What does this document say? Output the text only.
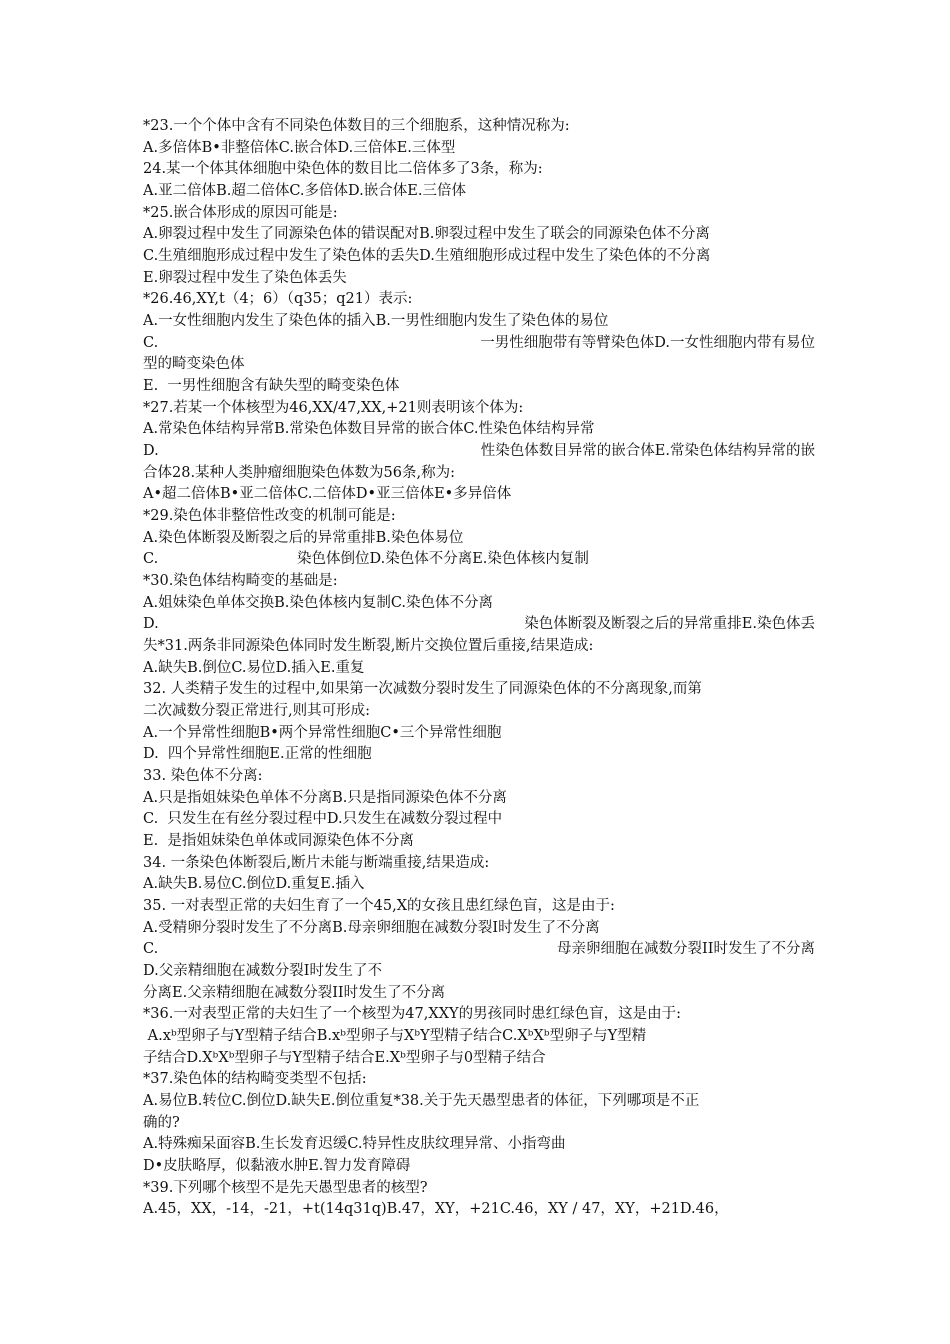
*23.一个个体中含有不同染色体数目的三个细胞系，这种情况称为:
A.多倍体B•非整倍体C.嵌合体D.三倍体E.三体型
24.某一个体其体细胞中染色体的数目比二倍体多了3条，称为:
A.亚二倍体B.超二倍体C.多倍体D.嵌合体E.三倍体
*25.嵌合体形成的原因可能是:
A.卵裂过程中发生了同源染色体的错误配对B.卵裂过程中发生了联会的同源染色体不分离
C.生殖细胞形成过程中发生了染色体的丢失D.生殖细胞形成过程中发生了染色体的不分离
E.卵裂过程中发生了染色体丢失
*26.46,XY,t（4；6）（q35；q21）表示:
A.一女性细胞内发生了染色体的插入B.一男性细胞内发生了染色体的易位
C.	一男性细胞带有等臂染色体D.一女性细胞内带有易位
型的畸变染色体
E.  一男性细胞含有缺失型的畸变染色体
*27.若某一个体核型为46,XX/47,XX,+21则表明该个体为:
A.常染色体结构异常B.常染色体数目异常的嵌合体C.性染色体结构异常
D.	性染色体数目异常的嵌合体E.常染色体结构异常的嵌
合体28.某种人类肿瘤细胞染色体数为56条,称为:
A•超二倍体B•亚二倍体C.二倍体D•亚三倍体E•多异倍体
*29.染色体非整倍性改变的机制可能是:
A.染色体断裂及断裂之后的异常重排B.染色体易位
C.	染色体倒位D.染色体不分离E.染色体核内复制
*30.染色体结构畸变的基础是:
A.姐妹染色单体交换B.染色体核内复制C.染色体不分离
D.	染色体断裂及断裂之后的异常重排E.染色体丢
失*31.两条非同源染色体同时发生断裂,断片交换位置后重接,结果造成:
A.缺失B.倒位C.易位D.插入E.重复
32. 人类精子发生的过程中,如果第一次减数分裂时发生了同源染色体的不分离现象,而第
二次减数分裂正常进行,则其可形成:
A.一个异常性细胞B•两个异常性细胞C•三个异常性细胞
D.  四个异常性细胞E.正常的性细胞
33. 染色体不分离:
A.只是指姐妹染色单体不分离B.只是指同源染色体不分离
C.  只发生在有丝分裂过程中D.只发生在减数分裂过程中
E.  是指姐妹染色单体或同源染色体不分离
34. 一条染色体断裂后,断片未能与断端重接,结果造成:
A.缺失B.易位C.倒位D.重复E.插入
35. 一对表型正常的夫妇生育了一个45,X的女孩且患红绿色盲，这是由于:
A.受精卵分裂时发生了不分离B.母亲卵细胞在减数分裂I时发生了不分离
C.	母亲卵细胞在减数分裂II时发生了不分离
D.父亲精细胞在减数分裂I时发生了不
分离E.父亲精细胞在减数分裂II时发生了不分离
*36.一对表型正常的夫妇生了一个核型为47,XXY的男孩同时患红绿色盲，这是由于:
A.xᵇ型卵子与Y型精子结合B.xᵇ型卵子与XᵇY型精子结合C.XᵇXᵇ型卵子与Y型精
子结合D.XᵇXᵇ型卵子与Y型精子结合E.Xᵇ型卵子与0型精子结合
*37.染色体的结构畸变类型不包括:
A.易位B.转位C.倒位D.缺失E.倒位重复*38.关于先天愚型患者的体征，下列哪项是不正
确的?
A.特殊痴呆面容B.生长发育迟缓C.特异性皮肤纹理异常、小指弯曲
D•皮肤略厚，似黏液水肿E.智力发育障碍
*39.下列哪个核型不是先天愚型患者的核型?
A.45，XX，-14，-21，+t(14q31q)B.47，XY，+21C.46，XY / 47，XY，+21D.46，
